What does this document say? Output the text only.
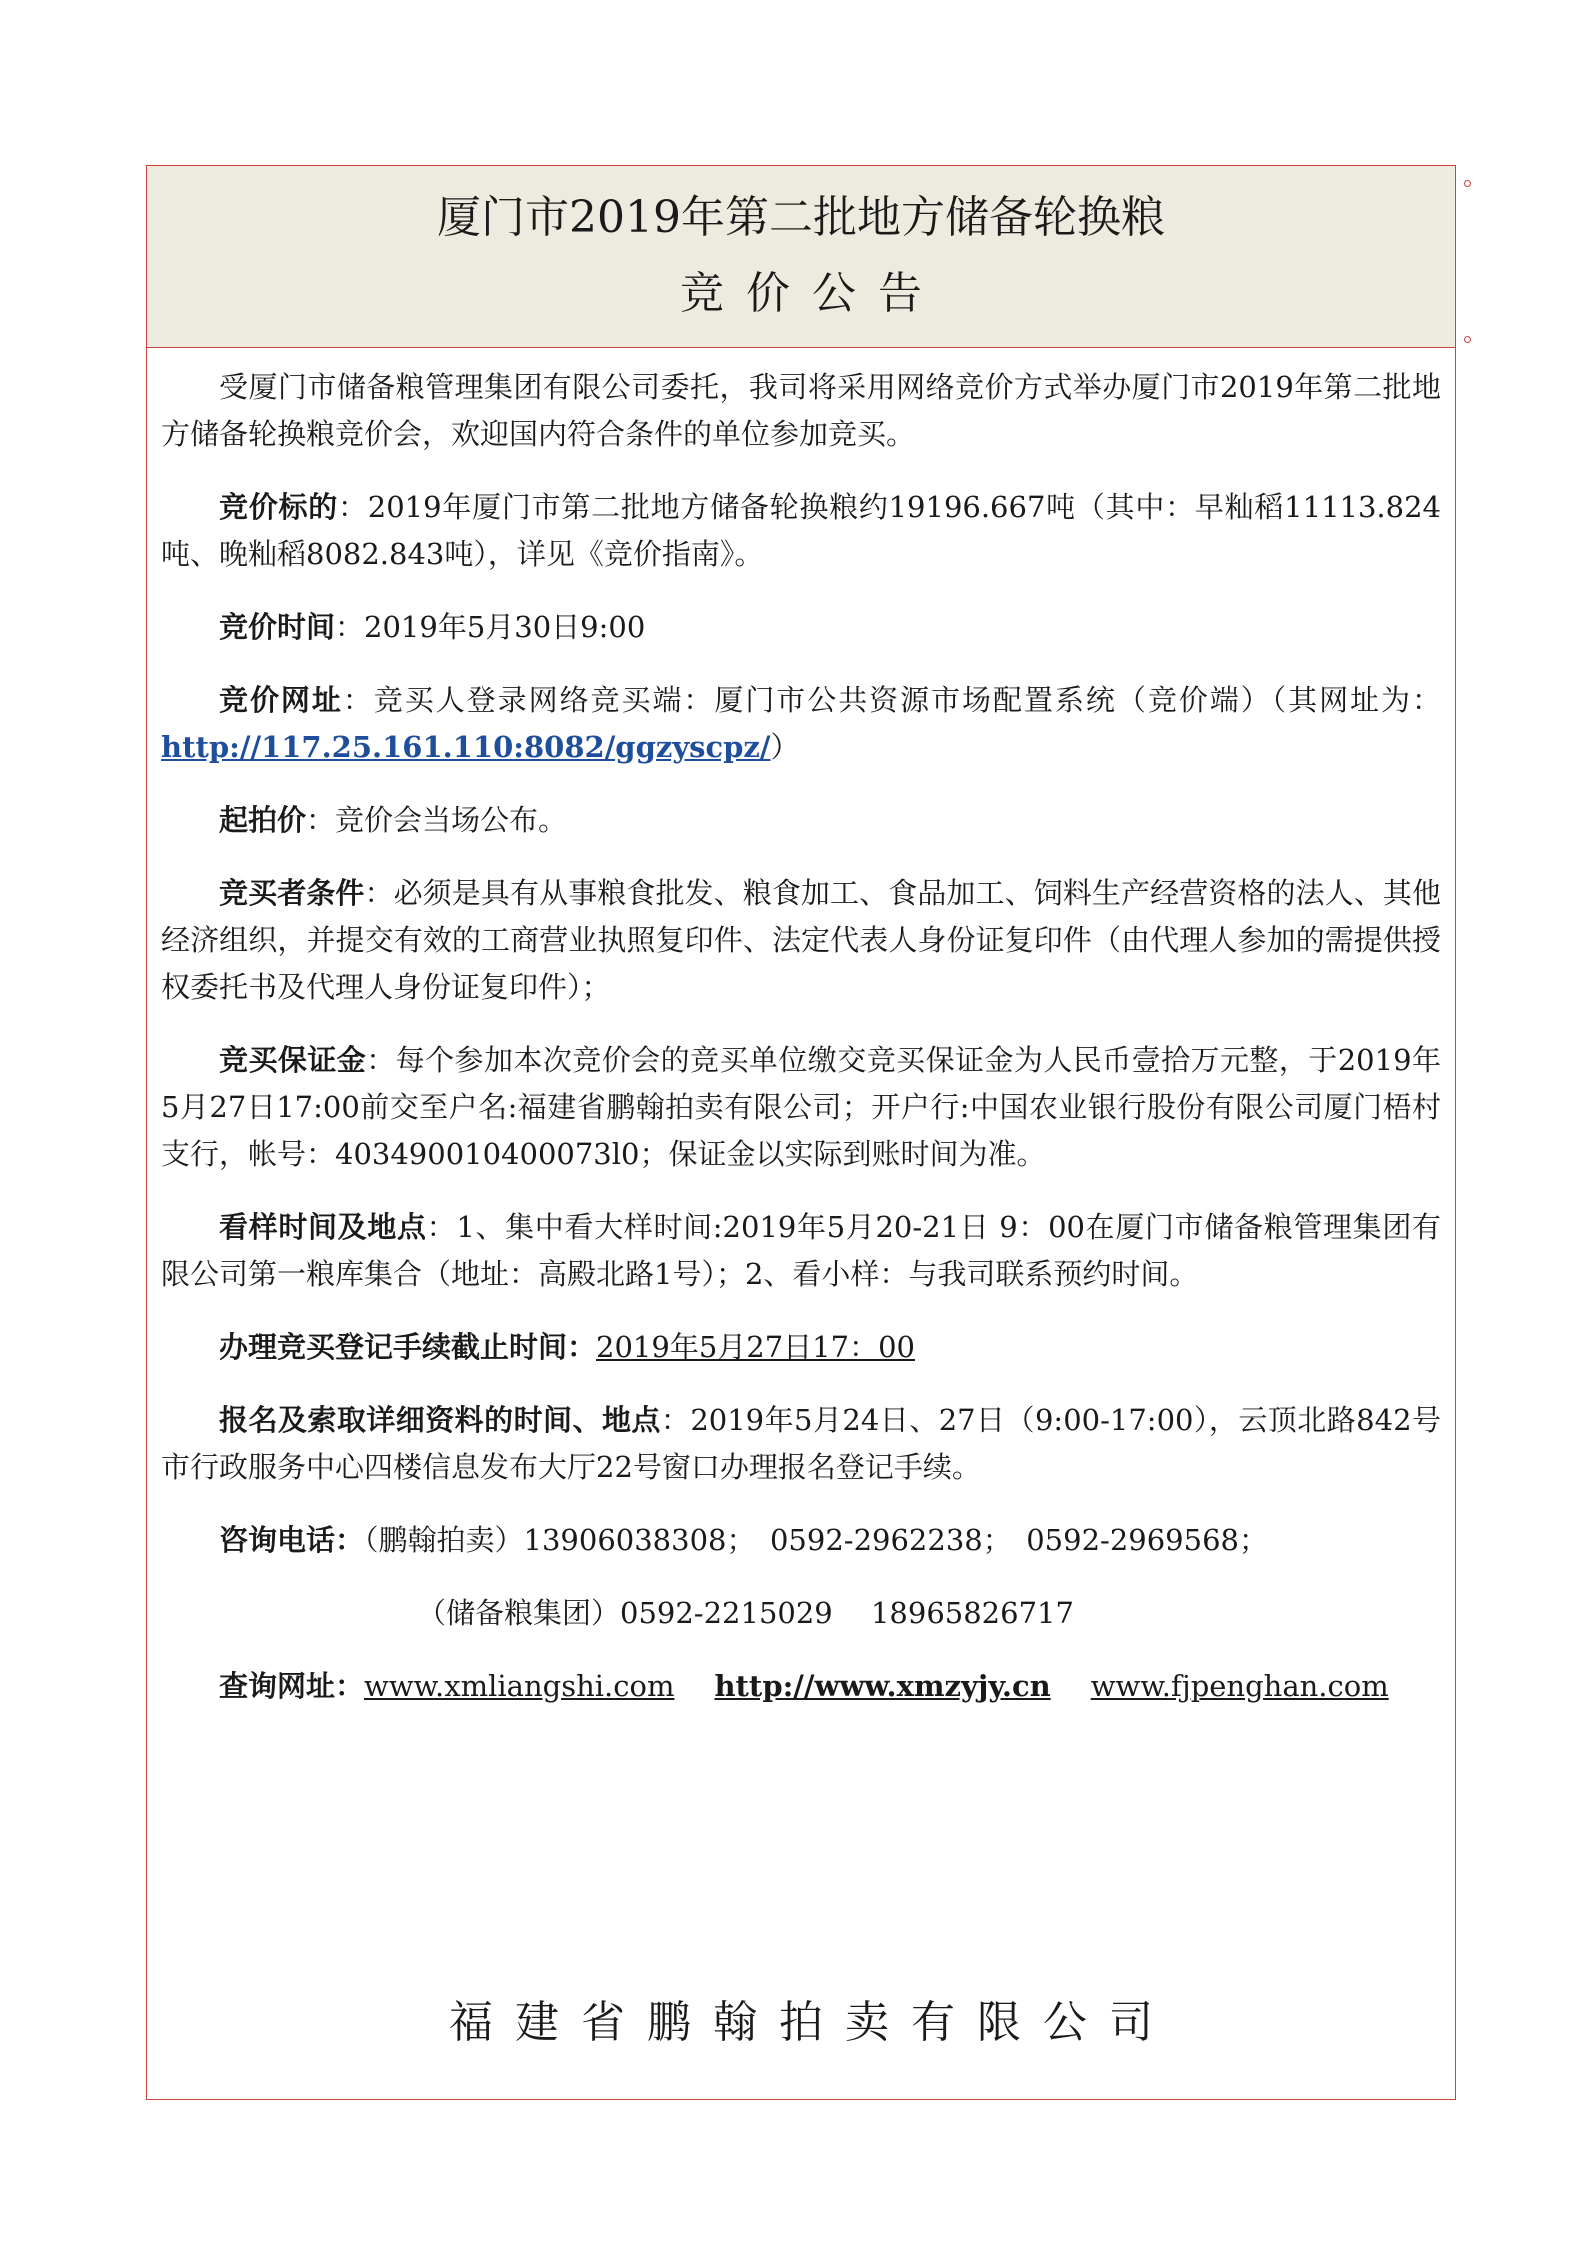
厦门市2019年第二批地方储备轮换粮
竞价公告

受厦门市储备粮管理集团有限公司委托，我司将采用网络竞价方式举办厦门市2019年第二批地方储备轮换粮竞价会，欢迎国内符合条件的单位参加竞买。

竞价标的：2019年厦门市第二批地方储备轮换粮约19196.667吨（其中：早籼稻11113.824吨、晚籼稻8082.843吨），详见《竞价指南》。

竞价时间：2019年5月30日9:00

竞价网址：竞买人登录网络竞买端：厦门市公共资源市场配置系统（竞价端）（其网址为：http://117.25.161.110:8082/ggzyscpz/）

起拍价：竞价会当场公布。

竞买者条件：必须是具有从事粮食批发、粮食加工、食品加工、饲料生产经营资格的法人、其他经济组织，并提交有效的工商营业执照复印件、法定代表人身份证复印件（由代理人参加的需提供授权委托书及代理人身份证复印件）；

竞买保证金：每个参加本次竞价会的竞买单位缴交竞买保证金为人民币壹拾万元整，于2019年5月27日17:00前交至户名:福建省鹏翰拍卖有限公司；开户行:中国农业银行股份有限公司厦门梧村支行，帐号：403490010400073l0；保证金以实际到账时间为准。

看样时间及地点：1、集中看大样时间:2019年5月20-21日 9：00在厦门市储备粮管理集团有限公司第一粮库集合（地址：高殿北路1号）；2、看小样：与我司联系预约时间。

办理竞买登记手续截止时间：2019年5月27日17：00

报名及索取详细资料的时间、地点：2019年5月24日、27日（9:00-17:00），云顶北路842号市行政服务中心四楼信息发布大厅22号窗口办理报名登记手续。

咨询电话：（鹏翰拍卖）13906038308；　0592-2962238；　0592-2969568；

（储备粮集团）0592-2215029　 18965826717

查询网址：www.xmliangshi.com http://www.xmzyjy.cn www.fjpenghan.com

福建省鹏翰拍卖有限公司
